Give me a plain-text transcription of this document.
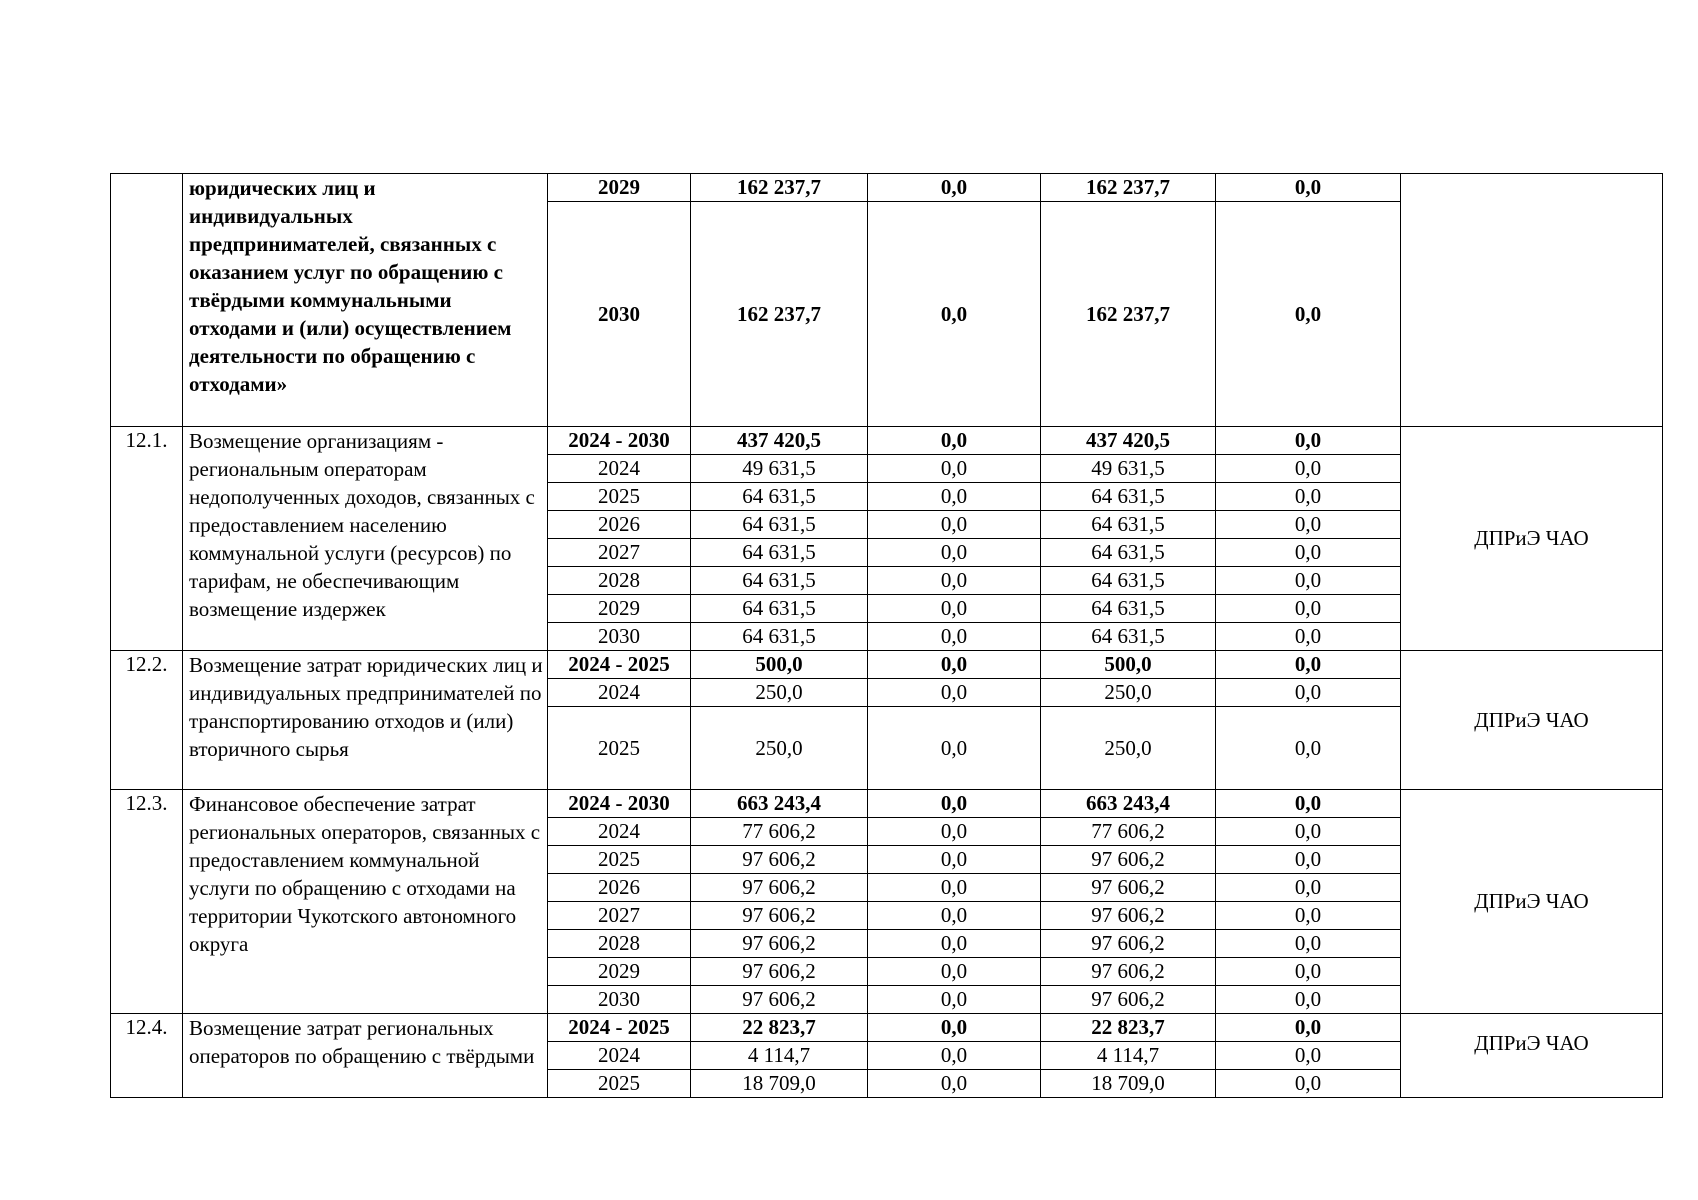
	юридических лиц и индивидуальных предпринимателей, связанных с оказанием услуг по обращению с твёрдыми коммунальными отходами и (или) осуществлением деятельности по обращению с отходами»	2029	162 237,7	0,0	162 237,7	0,0	
		2030	162 237,7	0,0	162 237,7	0,0	
12.1.	Возмещение организациям - региональным операторам недополученных доходов, связанных с предоставлением населению коммунальной услуги (ресурсов) по тарифам, не обеспечивающим возмещение издержек	2024 - 2030	437 420,5	0,0	437 420,5	0,0	ДПРиЭ ЧАО
		2024	49 631,5	0,0	49 631,5	0,0	
		2025	64 631,5	0,0	64 631,5	0,0	
		2026	64 631,5	0,0	64 631,5	0,0	
		2027	64 631,5	0,0	64 631,5	0,0	
		2028	64 631,5	0,0	64 631,5	0,0	
		2029	64 631,5	0,0	64 631,5	0,0	
		2030	64 631,5	0,0	64 631,5	0,0	
12.2.	Возмещение затрат юридических лиц и индивидуальных предпринимателей по транспортированию отходов и (или) вторичного сырья	2024 - 2025	500,0	0,0	500,0	0,0	ДПРиЭ ЧАО
		2024	250,0	0,0	250,0	0,0	
		2025	250,0	0,0	250,0	0,0	
12.3.	Финансовое обеспечение затрат региональных операторов, связанных с предоставлением коммунальной услуги по обращению с отходами на территории Чукотского автономного округа	2024 - 2030	663 243,4	0,0	663 243,4	0,0	ДПРиЭ ЧАО
		2024	77 606,2	0,0	77 606,2	0,0	
		2025	97 606,2	0,0	97 606,2	0,0	
		2026	97 606,2	0,0	97 606,2	0,0	
		2027	97 606,2	0,0	97 606,2	0,0	
		2028	97 606,2	0,0	97 606,2	0,0	
		2029	97 606,2	0,0	97 606,2	0,0	
		2030	97 606,2	0,0	97 606,2	0,0	
12.4.	Возмещение затрат региональных операторов по обращению с твёрдыми	2024 - 2025	22 823,7	0,0	22 823,7	0,0	ДПРиЭ ЧАО
		2024	4 114,7	0,0	4 114,7	0,0	
		2025	18 709,0	0,0	18 709,0	0,0	
